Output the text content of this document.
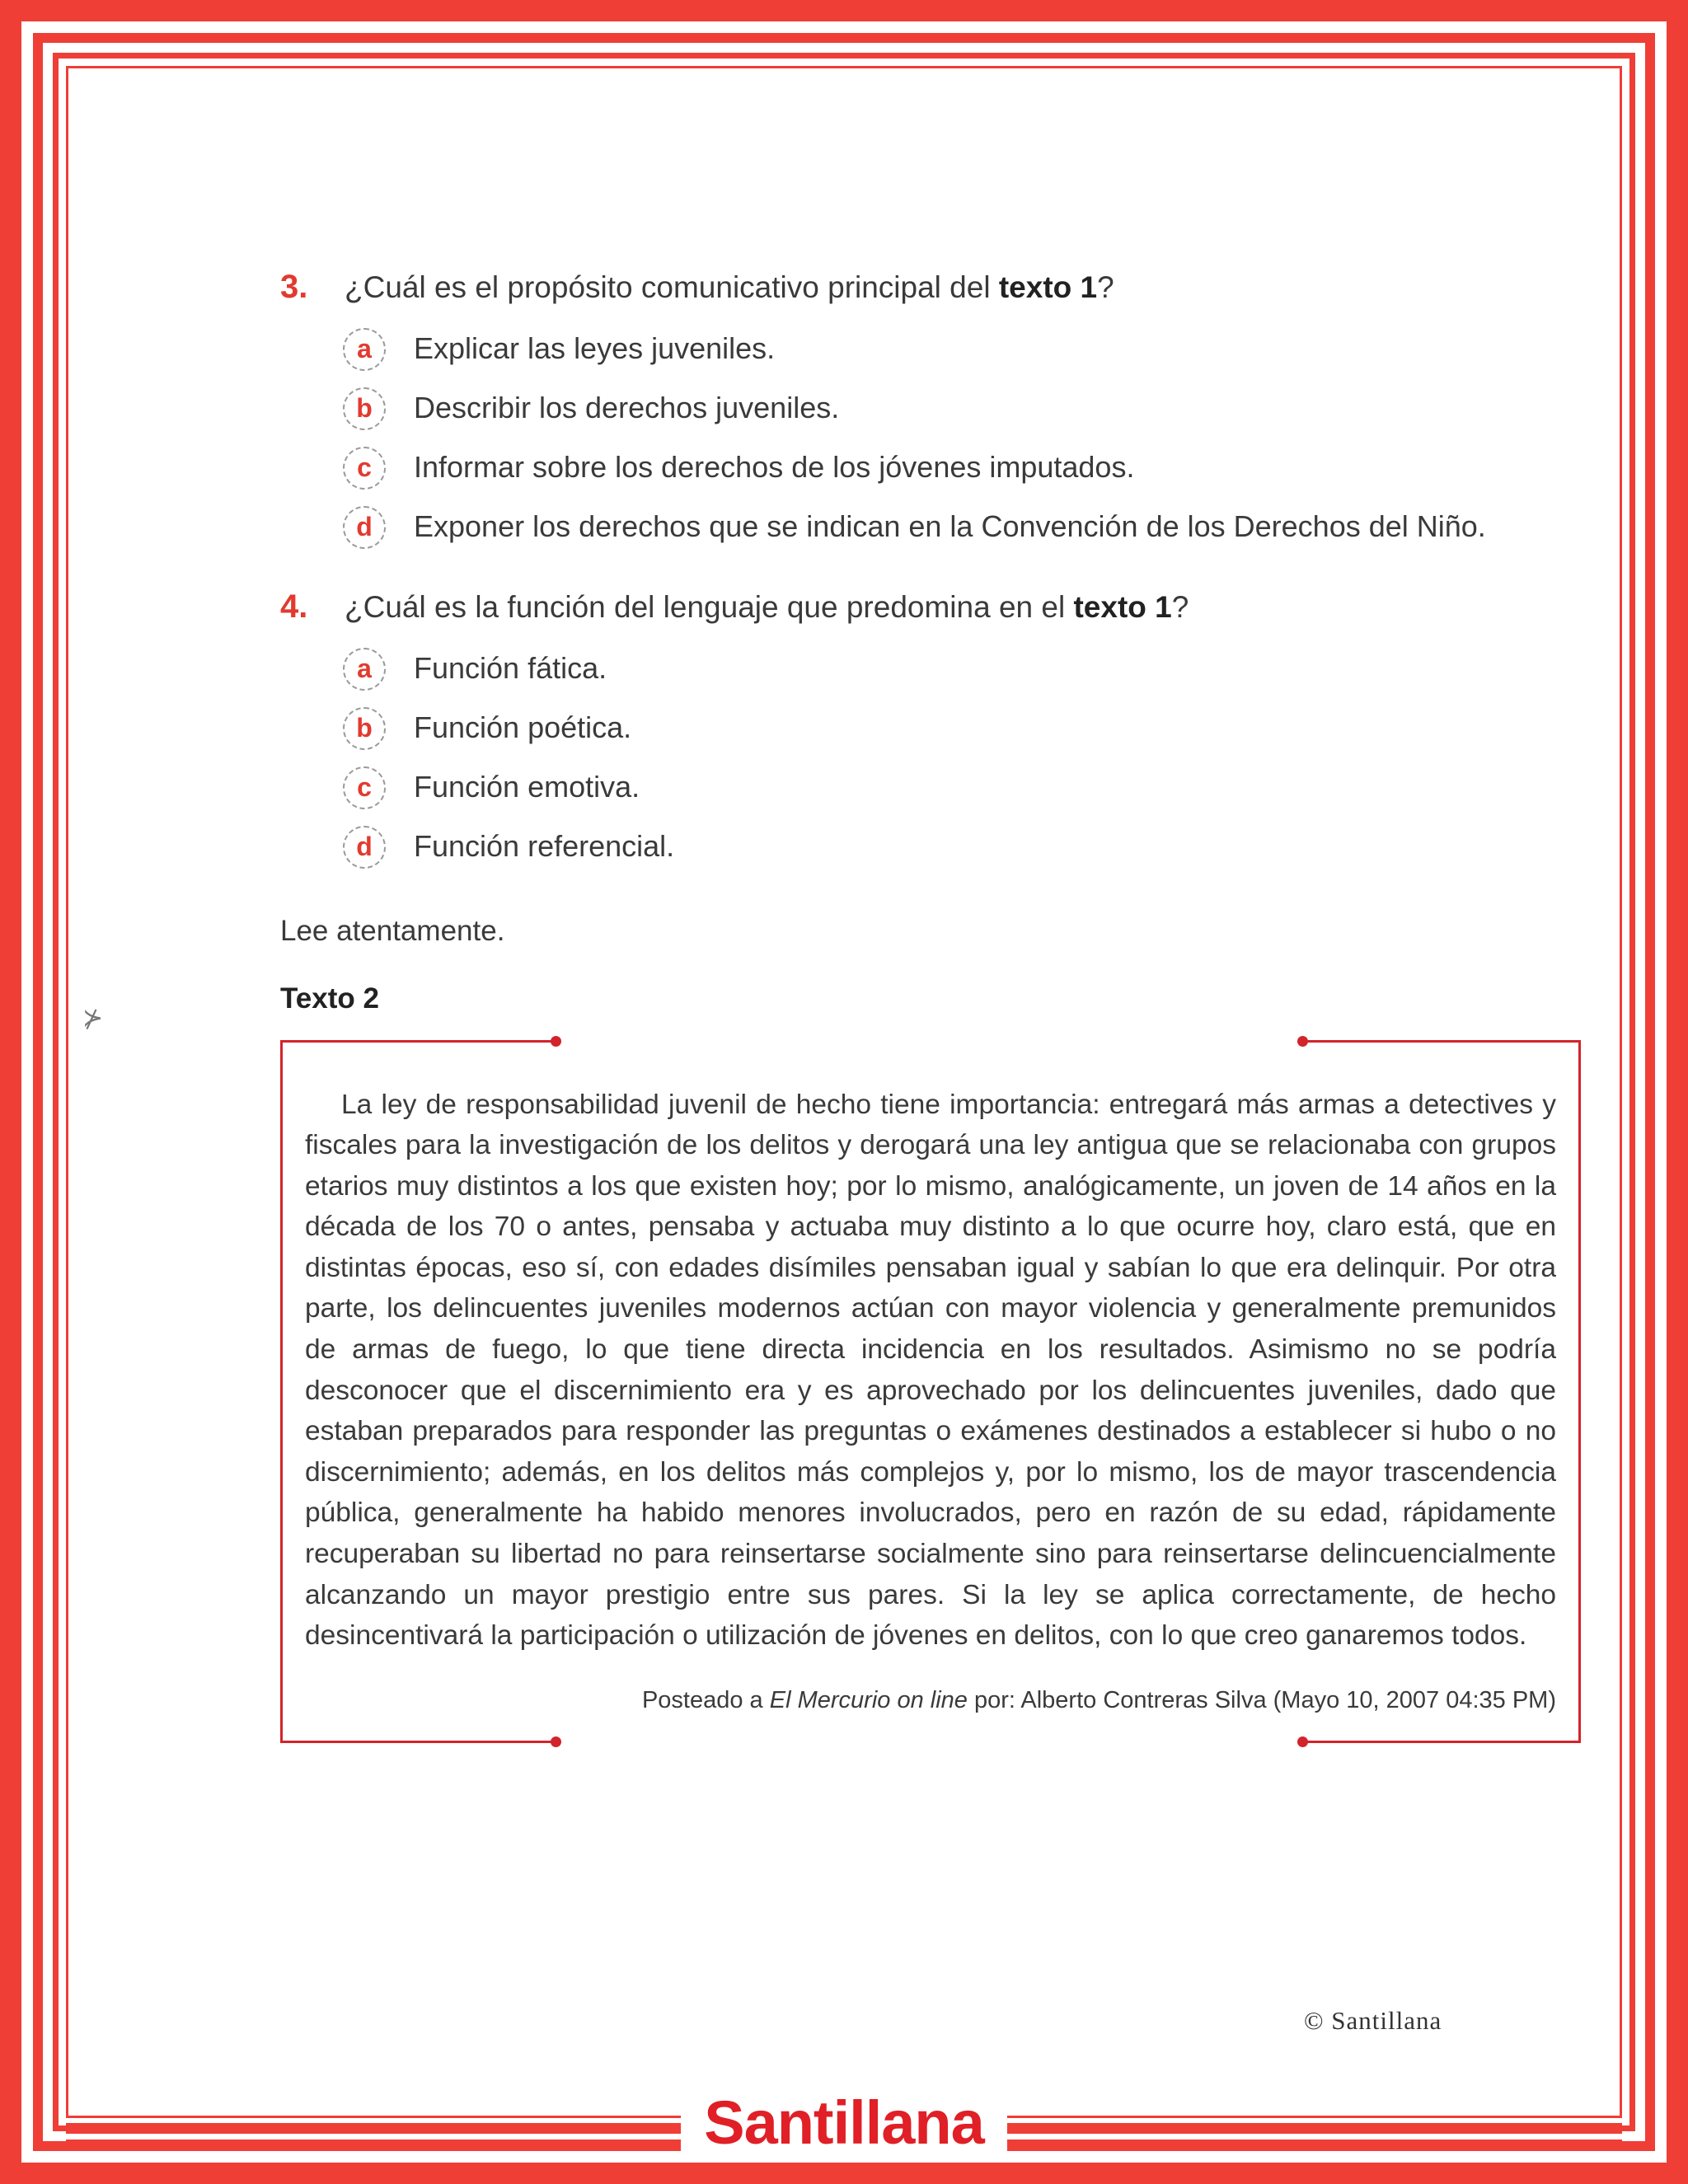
3.	¿Cuál es el propósito comunicativo principal del texto 1?
a	Explicar las leyes juveniles.
b	Describir los derechos juveniles.
c	Informar sobre los derechos de los jóvenes imputados.
d	Exponer los derechos que se indican en la Convención de los Derechos del Niño.
4.	¿Cuál es la función del lenguaje que predomina en el texto 1?
a	Función fática.
b	Función poética.
c	Función emotiva.
d	Función referencial.
Lee atentamente.
⊁
Texto 2

La ley de responsabilidad juvenil de hecho tiene importancia: entregará más armas a detectives y fiscales para la investigación de los delitos y derogará una ley antigua que se relacionaba con grupos etarios muy distintos a los que existen hoy; por lo mismo, analógicamente, un joven de 14 años en la década de los 70 o antes, pensaba y actuaba muy distinto a lo que ocurre hoy, claro está, que en distintas épocas, eso sí, con edades disímiles pensaban igual y sabían lo que era delinquir. Por otra parte, los delincuentes juveniles modernos actúan con mayor violencia y generalmente premunidos de armas de fuego, lo que tiene directa incidencia en los resultados. Asimismo no se podría desconocer que el discernimiento era y es aprovechado por los delincuentes juveniles, dado que estaban preparados para responder las preguntas o exámenes destinados a establecer si hubo o no discernimiento; además, en los delitos más complejos y, por lo mismo, los de mayor trascendencia pública, generalmente ha habido menores involucrados, pero en razón de su edad, rápidamente recuperaban su libertad no para reinsertarse socialmente sino para reinsertarse delincuencialmente alcanzando un mayor prestigio entre sus pares. Si la ley se aplica correctamente, de hecho desincentivará la participación o utilización de jóvenes en delitos, con lo que creo ganaremos todos.

Posteado a El Mercurio on line por: Alberto Contreras Silva (Mayo 10, 2007 04:35 PM)
© Santillana
Santillana
